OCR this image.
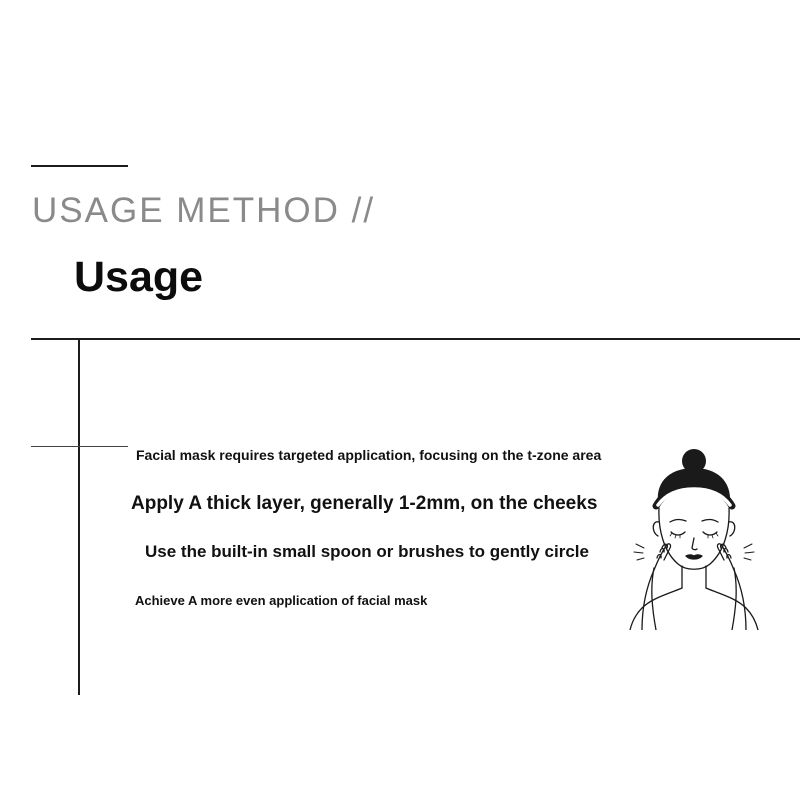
USAGE METHOD //
Usage
Facial mask requires targeted application, focusing on the t-zone area
Apply A thick layer, generally 1-2mm, on the cheeks
Use the built-in small spoon or brushes to gently circle
Achieve A more even application of facial mask
